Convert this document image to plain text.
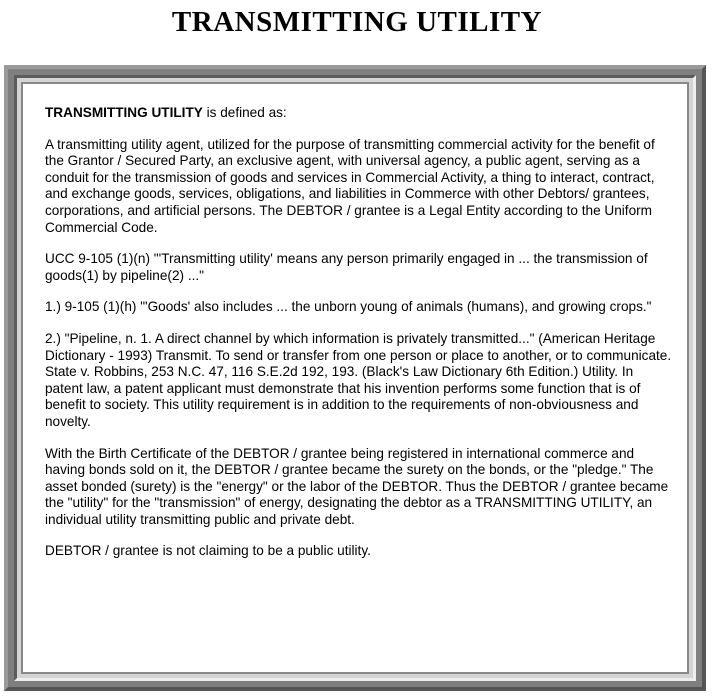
TRANSMITTING UTILITY

TRANSMITTING UTILITY is defined as:

A transmitting utility agent, utilized for the purpose of transmitting commercial activity for the benefit of the Grantor / Secured Party, an exclusive agent, with universal agency, a public agent, serving as a conduit for the transmission of goods and services in Commercial Activity, a thing to interact, contract, and exchange goods, services, obligations, and liabilities in Commerce with other Debtors/ grantees, corporations, and artificial persons. The DEBTOR / grantee is a Legal Entity according to the Uniform Commercial Code.

UCC 9-105 (1)(n) "'Transmitting utility' means any person primarily engaged in ... the transmission of goods(1) by pipeline(2) ..."

1.) 9-105 (1)(h) "'Goods' also includes ... the unborn young of animals (humans), and growing crops."

2.) "Pipeline, n. 1. A direct channel by which information is privately transmitted..." (American Heritage Dictionary - 1993) Transmit. To send or transfer from one person or place to another, or to communicate. State v. Robbins, 253 N.C. 47, 116 S.E.2d 192, 193. (Black's Law Dictionary 6th Edition.) Utility. In patent law, a patent applicant must demonstrate that his invention performs some function that is of benefit to society. This utility requirement is in addition to the requirements of non-obviousness and novelty.

With the Birth Certificate of the DEBTOR / grantee being registered in international commerce and having bonds sold on it, the DEBTOR / grantee became the surety on the bonds, or the "pledge." The asset bonded (surety) is the "energy" or the labor of the DEBTOR. Thus the DEBTOR / grantee became the "utility" for the "transmission" of energy, designating the debtor as a TRANSMITTING UTILITY, an individual utility transmitting public and private debt.

DEBTOR / grantee is not claiming to be a public utility.
